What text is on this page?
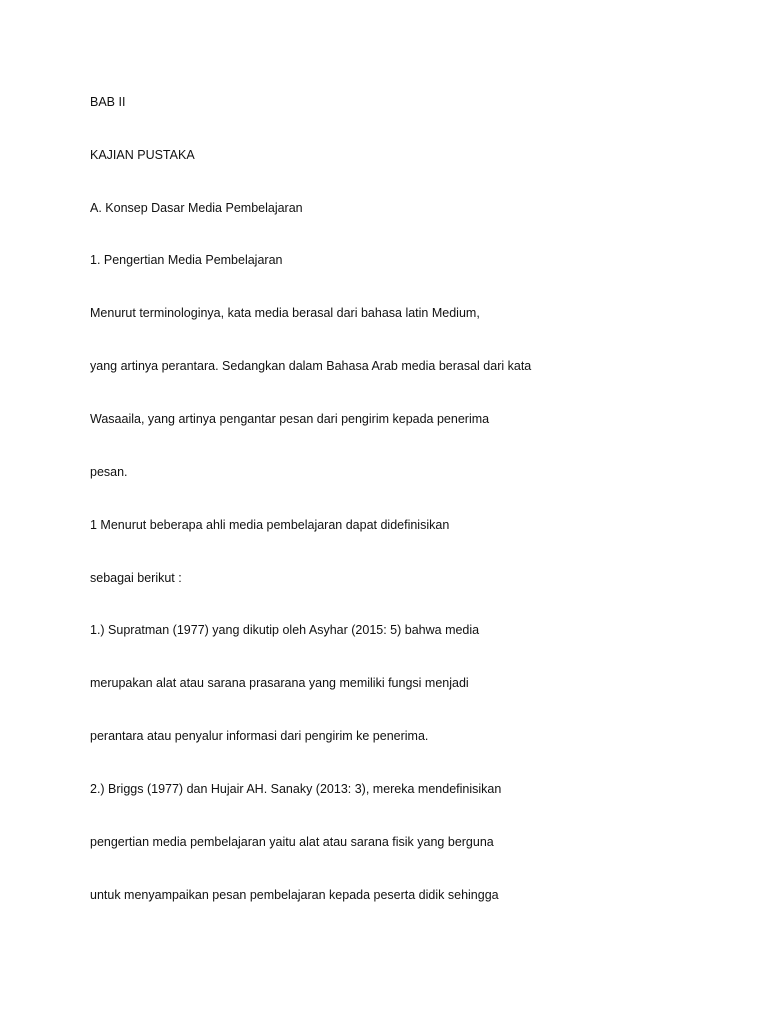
BAB II

KAJIAN PUSTAKA

A. Konsep Dasar Media Pembelajaran

1. Pengertian Media Pembelajaran

Menurut terminologinya, kata media berasal dari bahasa latin Medium,

yang artinya perantara. Sedangkan dalam Bahasa Arab media berasal dari kata

Wasaaila, yang artinya pengantar pesan dari pengirim kepada penerima

pesan.

1 Menurut beberapa ahli media pembelajaran dapat didefinisikan

sebagai berikut :

1.) Supratman (1977) yang dikutip oleh Asyhar (2015: 5) bahwa media

merupakan alat atau sarana prasarana yang memiliki fungsi menjadi

perantara atau penyalur informasi dari pengirim ke penerima.

2.) Briggs (1977) dan Hujair AH. Sanaky (2013: 3), mereka mendefinisikan

pengertian media pembelajaran yaitu alat atau sarana fisik yang berguna

untuk menyampaikan pesan pembelajaran kepada peserta didik sehingga
